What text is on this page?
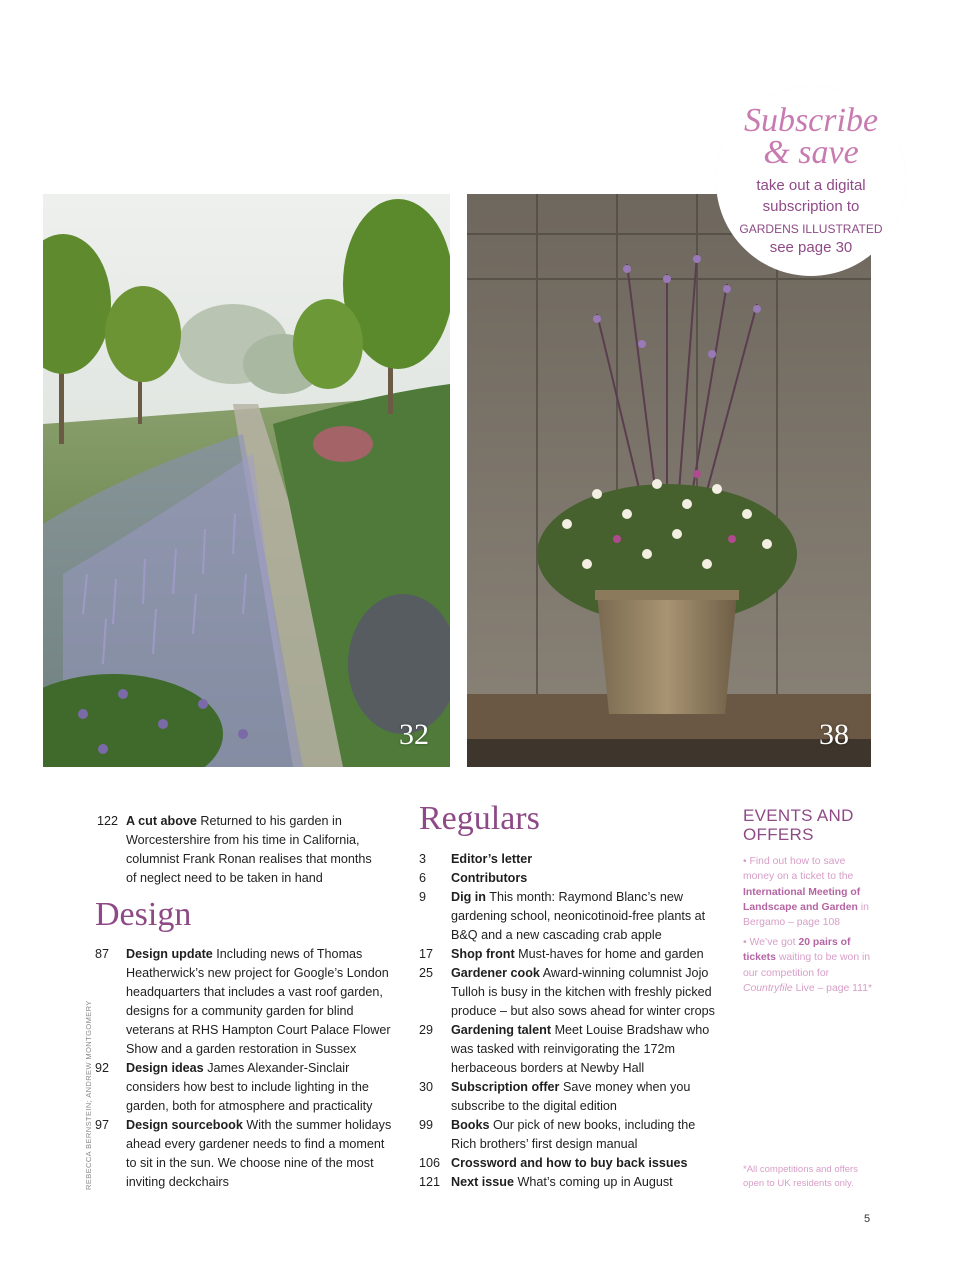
32	38
Subscribe
& save
take out a digital
subscription to
GARDENS ILLUSTRATED
see page 30
122 A cut above Returned to his garden in
Worcestershire from his time in California,
columnist Frank Ronan realises that months
of neglect need to be taken in hand
Design
87	Design update Including news of Thomas
Heatherwick’s new project for Google’s London
headquarters that includes a vast roof garden,
designs for a community garden for blind
veterans at RHS Hampton Court Palace Flower
Show and a garden restoration in Sussex
92	Design ideas James Alexander-Sinclair
considers how best to include lighting in the
garden, both for atmosphere and practicality
97	Design sourcebook With the summer holidays
ahead every gardener needs to find a moment
to sit in the sun. We choose nine of the most
inviting deckchairs
Regulars
3	Editor’s letter
6	Contributors
9	Dig in This month: Raymond Blanc’s new
gardening school, neonicotinoid-free plants at
B&Q and a new cascading crab apple
17	Shop front Must-haves for home and garden
25	Gardener cook Award-winning columnist Jojo
Tulloh is busy in the kitchen with freshly picked
produce – but also sows ahead for winter crops
29	Gardening talent Meet Louise Bradshaw who
was tasked with reinvigorating the 172m
herbaceous borders at Newby Hall
30	Subscription offer Save money when you
subscribe to the digital edition
99	Books Our pick of new books, including the
Rich brothers’ first design manual
106 Crossword and how to buy back issues
121 Next issue What’s coming up in August
EVENTS AND
OFFERS
• Find out how to save money on a ticket to the International Meeting of Landscape and Garden in Bergamo – page 108
• We’ve got 20 pairs of tickets waiting to be won in our competition for Countryfile Live – page 111*
*All competitions and offers open to UK residents only.
REBECCA BERNSTEIN; ANDREW MONTGOMERY
5
